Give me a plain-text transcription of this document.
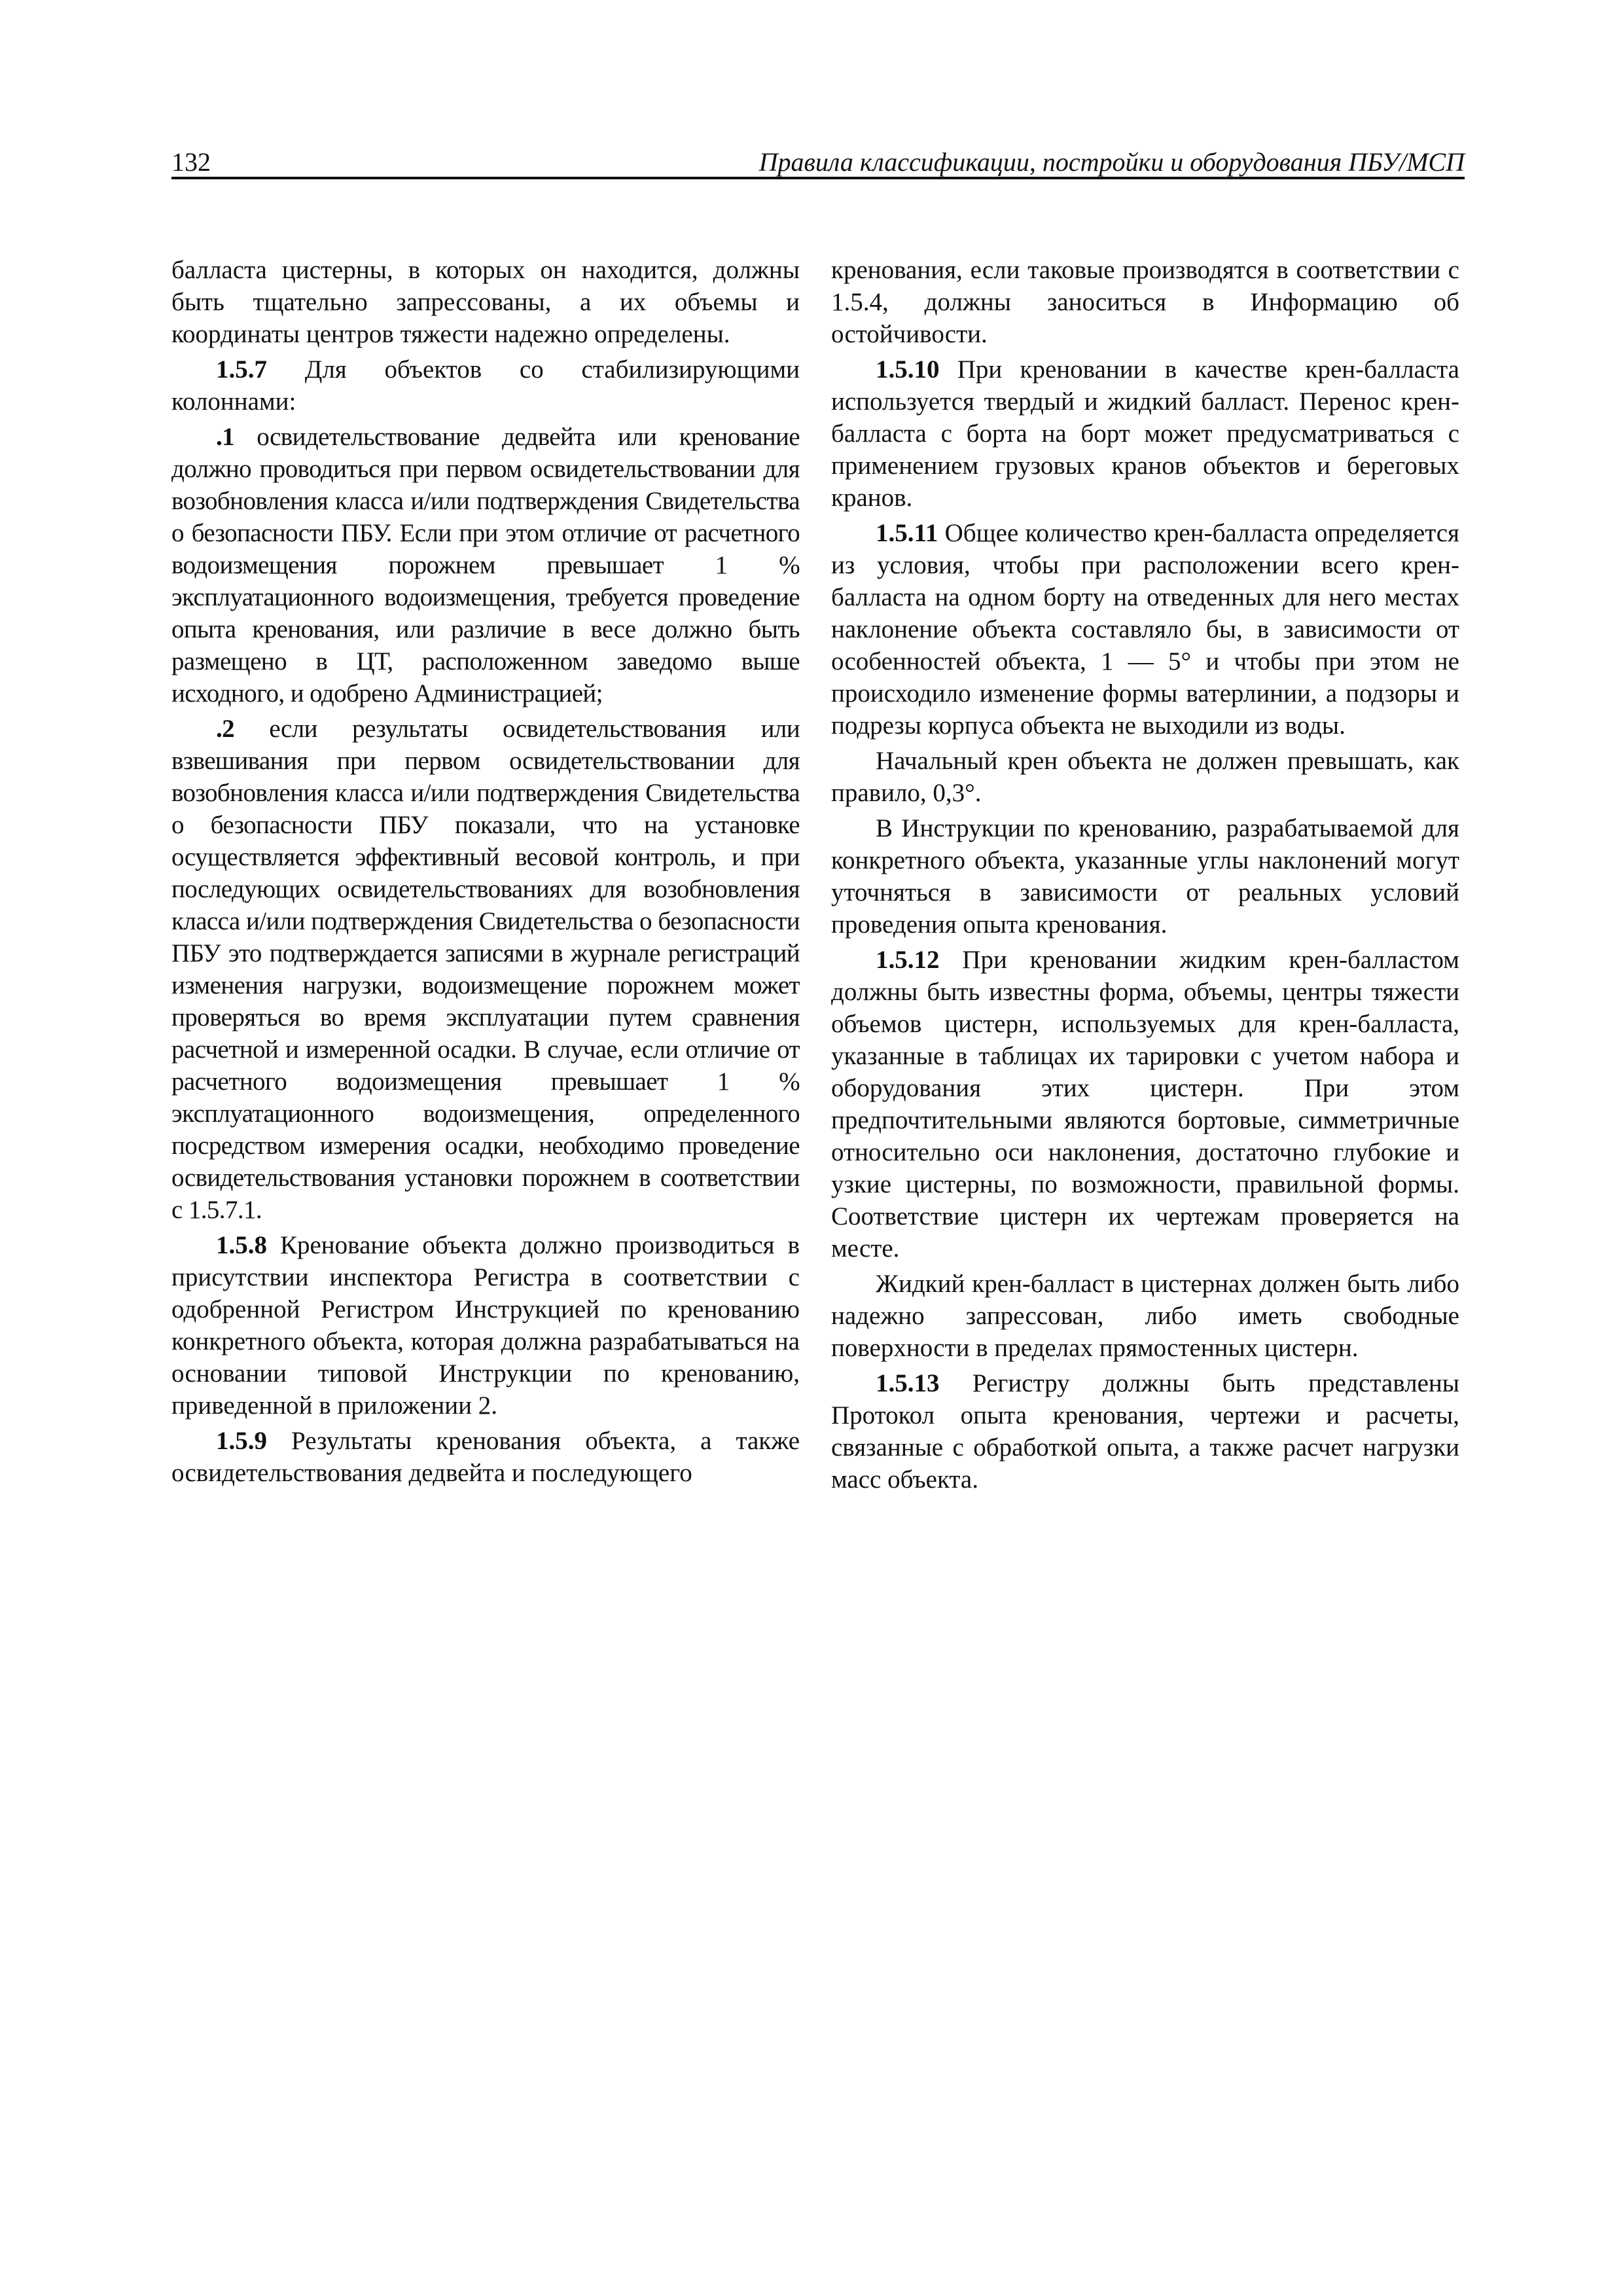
132	Правила классификации, постройки и оборудования ПБУ/МСП

балласта цистерны, в которых он находится, должны быть тщательно запрессованы, а их объемы и координаты центров тяжести надежно определены.

1.5.7 Для объектов со стабилизирующими колоннами:

.1 освидетельствование дедвейта или кренование должно проводиться при первом освидетельствовании для возобновления класса и/или подтверждения Свидетельства о безопасности ПБУ. Если при этом отличие от расчетного водоизмещения порожнем превышает 1 % эксплуатационного водоизмещения, требуется проведение опыта кренования, или различие в весе должно быть размещено в ЦТ, расположенном заведомо выше исходного, и одобрено Администрацией;

.2 если результаты освидетельствования или взвешивания при первом освидетельствовании для возобновления класса и/или подтверждения Свидетельства о безопасности ПБУ показали, что на установке осуществляется эффективный весовой контроль, и при последующих освидетельствованиях для возобновления класса и/или подтверждения Свидетельства о безопасности ПБУ это подтверждается записями в журнале регистраций изменения нагрузки, водоизмещение порожнем может проверяться во время эксплуатации путем сравнения расчетной и измеренной осадки. В случае, если отличие от расчетного водоизмещения превышает 1 % эксплуатационного водоизмещения, определенного посредством измерения осадки, необходимо проведение освидетельствования установки порожнем в соответствии с 1.5.7.1.

1.5.8 Кренование объекта должно производиться в присутствии инспектора Регистра в соответствии с одобренной Регистром Инструкцией по кренованию конкретного объекта, которая должна разрабатываться на основании типовой Инструкции по кренованию, приведенной в приложении 2.

1.5.9 Результаты кренования объекта, а также освидетельствования дедвейта и последующего

кренования, если таковые производятся в соответствии с 1.5.4, должны заноситься в Информацию об остойчивости.

1.5.10 При креновании в качестве крен-балласта используется твердый и жидкий балласт. Перенос крен-балласта с борта на борт может предусматриваться с применением грузовых кранов объектов и береговых кранов.

1.5.11 Общее количество крен-балласта определяется из условия, чтобы при расположении всего крен-балласта на одном борту на отведенных для него местах наклонение объекта составляло бы, в зависимости от особенностей объекта, 1 — 5° и чтобы при этом не происходило изменение формы ватерлинии, а подзоры и подрезы корпуса объекта не выходили из воды.

Начальный крен объекта не должен превышать, как правило, 0,3°.

В Инструкции по кренованию, разрабатываемой для конкретного объекта, указанные углы наклонений могут уточняться в зависимости от реальных условий проведения опыта кренования.

1.5.12 При креновании жидким крен-балластом должны быть известны форма, объемы, центры тяжести объемов цистерн, используемых для крен-балласта, указанные в таблицах их тарировки с учетом набора и оборудования этих цистерн. При этом предпочтительными являются бортовые, симметричные относительно оси наклонения, достаточно глубокие и узкие цистерны, по возможности, правильной формы. Соответствие цистерн их чертежам проверяется на месте.

Жидкий крен-балласт в цистернах должен быть либо надежно запрессован, либо иметь свободные поверхности в пределах прямостенных цистерн.

1.5.13 Регистру должны быть представлены Протокол опыта кренования, чертежи и расчеты, связанные с обработкой опыта, а также расчет нагрузки масс объекта.
